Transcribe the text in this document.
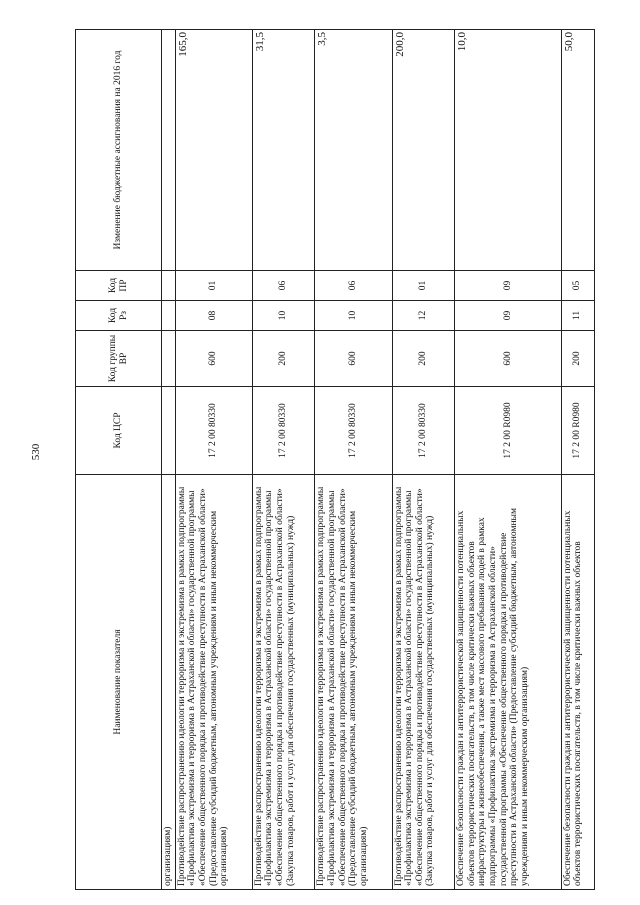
530
Наименование показателя	Код ЦСР	Код группы ВР	Код Рз	Код ПР	Изменение бюджетные ассигнования на 2016 год
организациям)					
Противодействие распространению идеологии терроризма и экстремизма в рамках подпрограммы «Профилактика экстремизма и терроризма в Астраханской области» государственной программы «Обеспечение общественного порядка и противодействие преступности в Астраханской области» (Предоставление субсидий бюджетным, автономным учреждениям и иным некоммерческим организациям)	17 2 00 80330	600	08	01	165,0
Противодействие распространению идеологии терроризма и экстремизма в рамках подпрограммы «Профилактика экстремизма и терроризма в Астраханской области» государственной программы «Обеспечение общественного порядка и противодействие преступности в Астраханской области» (Закупка товаров, работ и услуг для обеспечения государственных (муниципальных) нужд)	17 2 00 80330	200	10	06	31,5
Противодействие распространению идеологии терроризма и экстремизма в рамках подпрограммы «Профилактика экстремизма и терроризма в Астраханской области» государственной программы «Обеспечение общественного порядка и противодействие преступности в Астраханской области» (Предоставление субсидий бюджетным, автономным учреждениям и иным некоммерческим организациям)	17 2 00 80330	600	10	06	3,5
Противодействие распространению идеологии терроризма и экстремизма в рамках подпрограммы «Профилактика экстремизма и терроризма в Астраханской области» государственной программы «Обеспечение общественного порядка и противодействие преступности в Астраханской области» (Закупка товаров, работ и услуг для обеспечения государственных (муниципальных) нужд)	17 2 00 80330	200	12	01	200,0
Обеспечение безопасности граждан и антитеррористической защищенности потенциальных объектов террористических посягательств, в том числе критически важных объектов инфраструктуры и жизнеобеспечения, а также мест массового пребывания людей в рамках подпрограммы «Профилактика экстремизма и терроризма в Астраханской области» государственной программы «Обеспечение общественного порядка и противодействие преступности в Астраханской области» (Предоставление субсидий бюджетным, автономным учреждениям и иным некоммерческим организациям)	17 2 00 R0980	600	09	09	10,0
Обеспечение безопасности граждан и антитеррористической защищенности потенциальных объектов террористических посягательств, в том числе критически важных объектов	17 2 00 R0980	200	11	05	50,0
